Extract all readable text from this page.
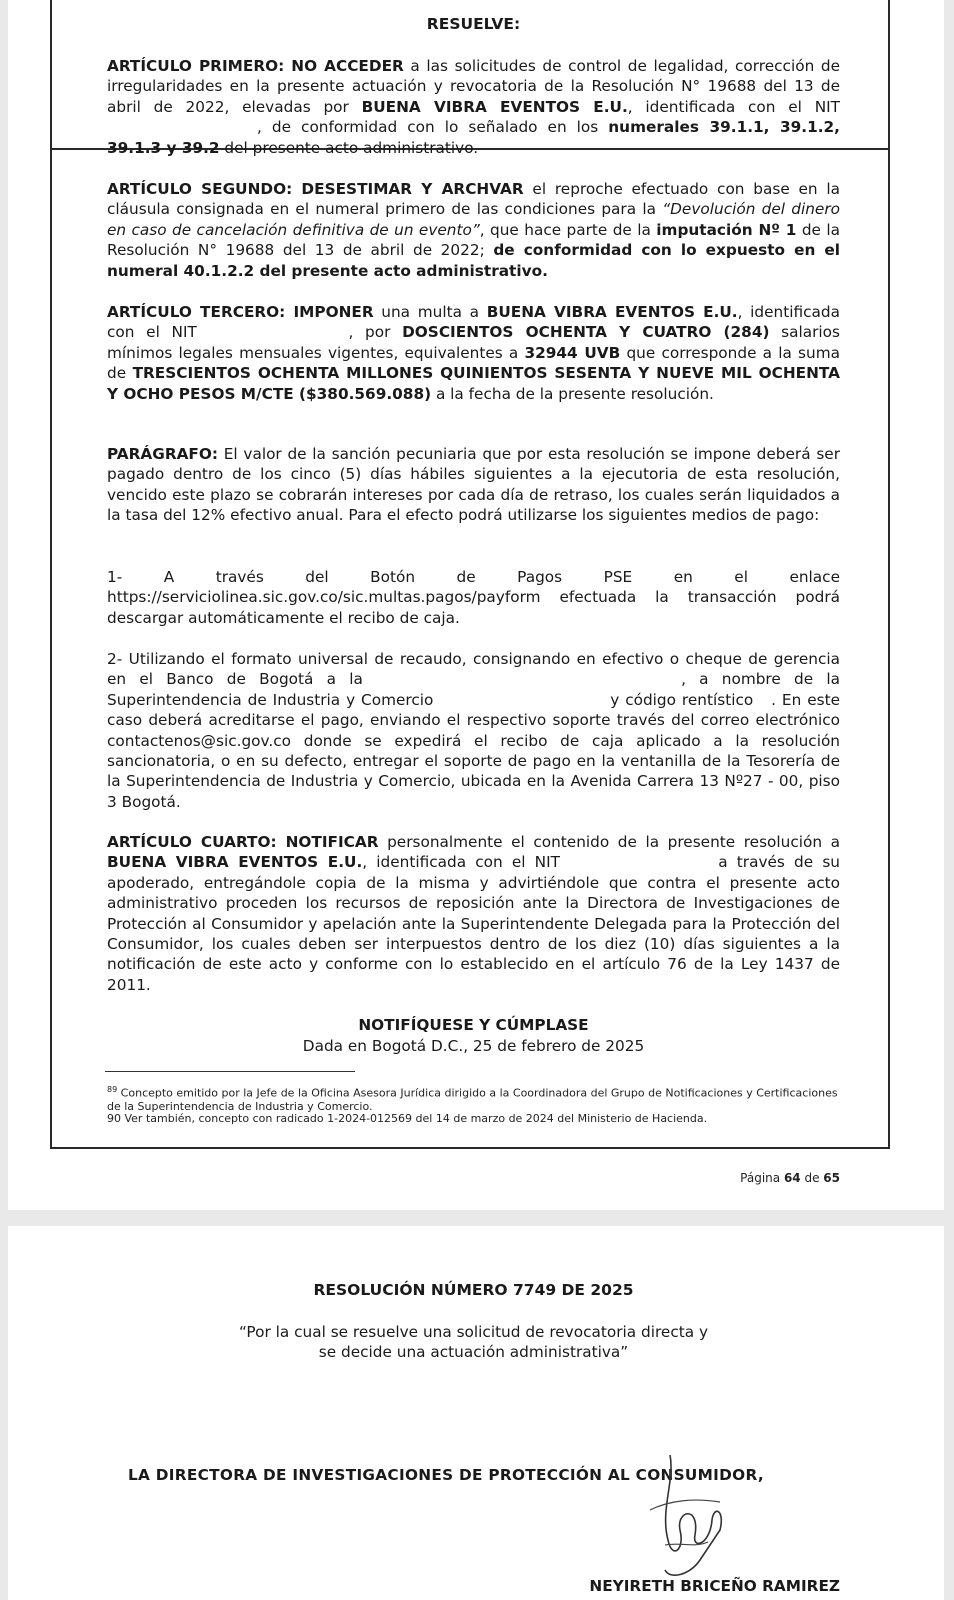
RESUELVE:
ARTÍCULO PRIMERO: NO ACCEDER a las solicitudes de control de legalidad, corrección de irregularidades en la presente actuación y revocatoria de la Resolución N° 19688 del 13 de abril de 2022, elevadas por BUENA VIBRA EVENTOS E.U., identificada con el NIT , de conformidad con lo señalado en los numerales 39.1.1, 39.1.2, 39.1.3 y 39.2 del presente acto administrativo.
ARTÍCULO SEGUNDO: DESESTIMAR Y ARCHVAR el reproche efectuado con base en la cláusula consignada en el numeral primero de las condiciones para la “Devolución del dinero en caso de cancelación definitiva de un evento”, que hace parte de la imputación Nº 1 de la Resolución N° 19688 del 13 de abril de 2022; de conformidad con lo expuesto en el numeral 40.1.2.2 del presente acto administrativo.
ARTÍCULO TERCERO: IMPONER una multa a BUENA VIBRA EVENTOS E.U., identificada con el NIT	, por DOSCIENTOS OCHENTA Y CUATRO (284) salarios mínimos legales mensuales vigentes, equivalentes a 32944 UVB que corresponde a la suma de TRESCIENTOS OCHENTA MILLONES QUINIENTOS SESENTA Y NUEVE MIL OCHENTA Y OCHO PESOS M/CTE ($380.569.088) a la fecha de la presente resolución.
PARÁGRAFO: El valor de la sanción pecuniaria que por esta resolución se impone deberá ser pagado dentro de los cinco (5) días hábiles siguientes a la ejecutoria de esta resolución, vencido este plazo se cobrarán intereses por cada día de retraso, los cuales serán liquidados a la tasa del 12% efectivo anual. Para el efecto podrá utilizarse los siguientes medios de pago:
1- A través del Botón de Pagos PSE en el enlace https://serviciolinea.sic.gov.co/sic.multas.pagos/payform efectuada la transacción podrá descargar automáticamente el recibo de caja.
2- Utilizando el formato universal de recaudo, consignando en efectivo o cheque de gerencia en el Banco de Bogotá a la	, a nombre de la Superintendencia de Industria y Comercio	y código rentístico . En este caso deberá acreditarse el pago, enviando el respectivo soporte través del correo electrónico contactenos@sic.gov.co donde se expedirá el recibo de caja aplicado a la resolución sancionatoria, o en su defecto, entregar el soporte de pago en la ventanilla de la Tesorería de la Superintendencia de Industria y Comercio, ubicada en la Avenida Carrera 13 Nº27 - 00, piso 3 Bogotá.
ARTÍCULO CUARTO: NOTIFICAR personalmente el contenido de la presente resolución a BUENA VIBRA EVENTOS E.U., identificada con el NIT	a través de su apoderado, entregándole copia de la misma y advirtiéndole que contra el presente acto administrativo proceden los recursos de reposición ante la Directora de Investigaciones de Protección al Consumidor y apelación ante la Superintendente Delegada para la Protección del Consumidor, los cuales deben ser interpuestos dentro de los diez (10) días siguientes a la notificación de este acto y conforme con lo establecido en el artículo 76 de la Ley 1437 de 2011.
NOTIFÍQUESE Y CÚMPLASE
Dada en Bogotá D.C., 25 de febrero de 2025
$^{89}$ Concepto emitido por la Jefe de la Oficina Asesora Jurídica dirigido a la Coordinadora del Grupo de Notificaciones y Certificaciones de la Superintendencia de Industria y Comercio.
90 Ver también, concepto con radicado 1-2024-012569 del 14 de marzo de 2024 del Ministerio de Hacienda.
Página 64 de 65
RESOLUCIÓN NÚMERO 7749 DE 2025
“Por la cual se resuelve una solicitud de revocatoria directa y
se decide una actuación administrativa”
LA DIRECTORA DE INVESTIGACIONES DE PROTECCIÓN AL CONSUMIDOR,
NEYIRETH BRICEÑO RAMIREZ
